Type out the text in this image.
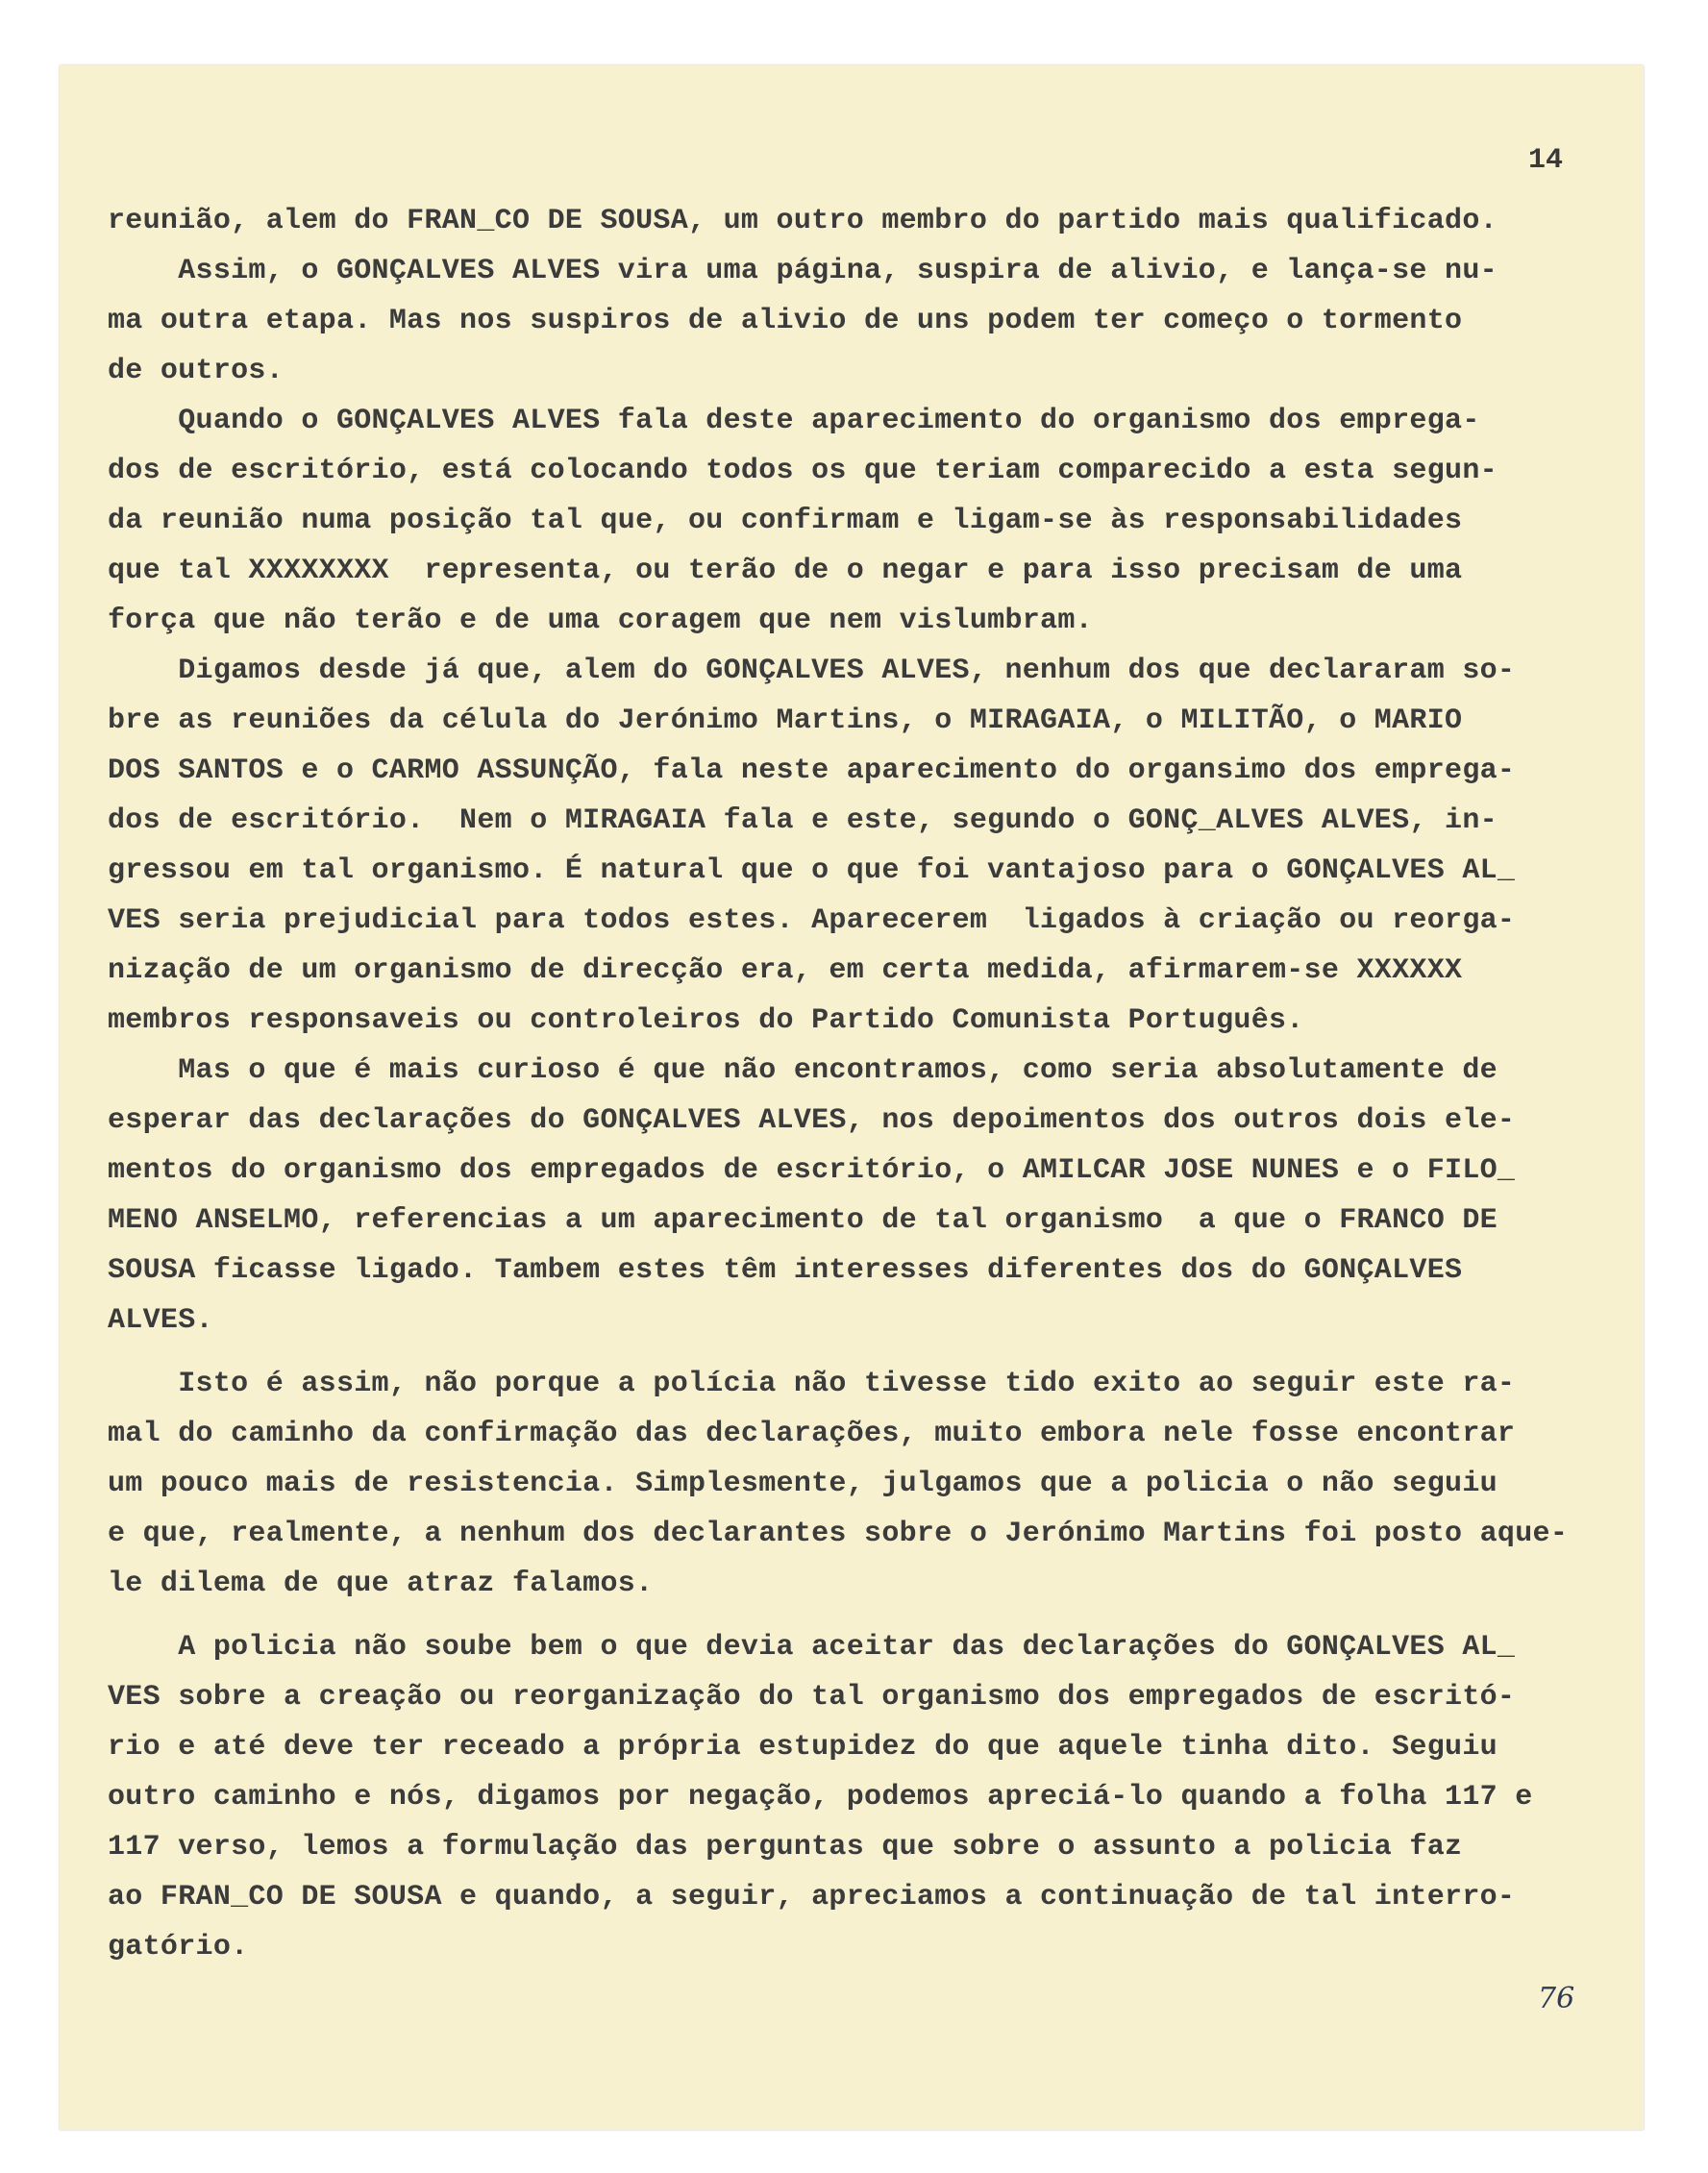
14
reunião, alem do FRAN_CO DE SOUSA, um outro membro do partido mais qualificado.
Assim, o GONÇALVES ALVES vira uma página, suspira de alivio, e lança-se nu-
ma outra etapa. Mas nos suspiros de alivio de uns podem ter começo o tormento
de outros.
Quando o GONÇALVES ALVES fala deste aparecimento do organismo dos emprega-
dos de escritório, está colocando todos os que teriam comparecido a esta segun-
da reunião numa posição tal que, ou confirmam e ligam-se às responsabilidades
que tal XXXXXXXX  representa, ou terão de o negar e para isso precisam de uma
força que não terão e de uma coragem que nem vislumbram.
Digamos desde já que, alem do GONÇALVES ALVES, nenhum dos que declararam so-
bre as reuniões da célula do Jerónimo Martins, o MIRAGAIA, o MILITÃO, o MARIO
DOS SANTOS e o CARMO ASSUNÇÃO, fala neste aparecimento do organsimo dos emprega-
dos de escritório.  Nem o MIRAGAIA fala e este, segundo o GONÇ_ALVES ALVES, in-
gressou em tal organismo. É natural que o que foi vantajoso para o GONÇALVES AL_
VES seria prejudicial para todos estes. Aparecerem  ligados à criação ou reorga-
nização de um organismo de direcção era, em certa medida, afirmarem-se XXXXXX
membros responsaveis ou controleiros do Partido Comunista Português.
Mas o que é mais curioso é que não encontramos, como seria absolutamente de
esperar das declarações do GONÇALVES ALVES, nos depoimentos dos outros dois ele-
mentos do organismo dos empregados de escritório, o AMILCAR JOSE NUNES e o FILO_
MENO ANSELMO, referencias a um aparecimento de tal organismo  a que o FRANCO DE
SOUSA ficasse ligado. Tambem estes têm interesses diferentes dos do GONÇALVES
ALVES.
Isto é assim, não porque a polícia não tivesse tido exito ao seguir este ra-
mal do caminho da confirmação das declarações, muito embora nele fosse encontrar
um pouco mais de resistencia. Simplesmente, julgamos que a policia o não seguiu
e que, realmente, a nenhum dos declarantes sobre o Jerónimo Martins foi posto aque-
le dilema de que atraz falamos.
A policia não soube bem o que devia aceitar das declarações do GONÇALVES AL_
VES sobre a creação ou reorganização do tal organismo dos empregados de escritó-
rio e até deve ter receado a própria estupidez do que aquele tinha dito. Seguiu
outro caminho e nós, digamos por negação, podemos apreciá-lo quando a folha 117 e
117 verso, lemos a formulação das perguntas que sobre o assunto a policia faz
ao FRAN_CO DE SOUSA e quando, a seguir, apreciamos a continuação de tal interro-
gatório.
76
